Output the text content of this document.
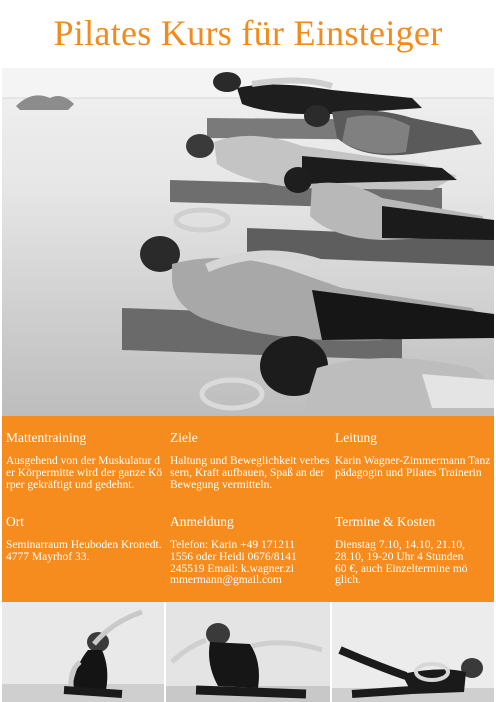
Pilates Kurs für Einsteiger
Mattentraining
Ausgehend von der Muskulatur der Körpermitte wird der ganze Körper gekräftigt und gedehnt.
Ziele
Haltung und Beweglichkeit verbessern, Kraft aufbauen, Spaß an der Bewegung vermitteln.
Leitung
Karin Wagner-Zimmermann Tanzpädagogin und Pilates Trainerin
Ort
Seminarraum Heuboden Kronedt. 4777 Mayrhof 33.
Anmeldung
Telefon: Karin +49 1712111556 oder Heidi 0676/8141245519 Email: k.wagner.zimmermann@gmail.com
Termine & Kosten
Dienstag 7.10, 14.10, 21.10, 28.10, 19-20 Uhr 4 Stunden 60 €, auch Einzeltermine möglich.
